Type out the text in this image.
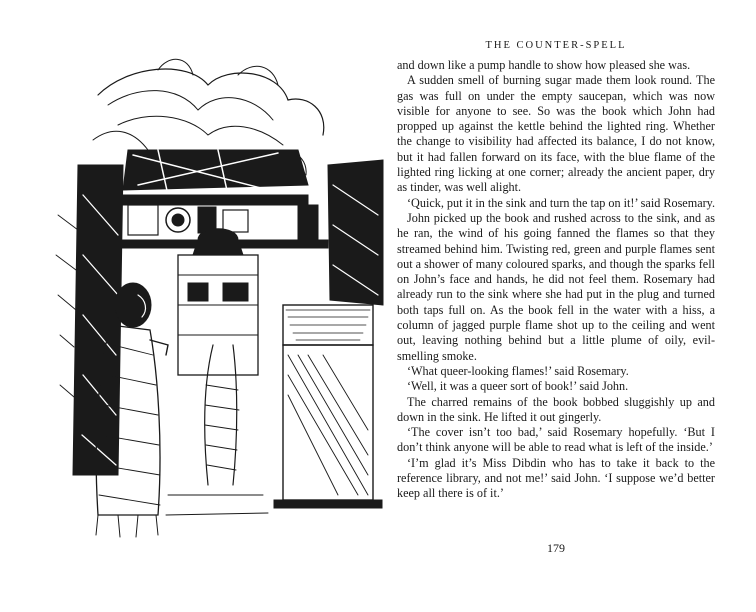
THE COUNTER-SPELL

and down like a pump handle to show how pleased she was.

A sudden smell of burning sugar made them look round. The gas was full on under the empty saucepan, which was now visible for anyone to see. So was the book which John had propped up against the kettle behind the lighted ring. Whether the change to visibility had affected its balance, I do not know, but it had fallen forward on its face, with the blue flame of the lighted ring licking at one corner; already the ancient paper, dry as tinder, was well alight.

‘Quick, put it in the sink and turn the tap on it!’ said Rosemary.

John picked up the book and rushed across to the sink, and as he ran, the wind of his going fanned the flames so that they streamed behind him. Twisting red, green and purple flames sent out a shower of many coloured sparks, and though the sparks fell on John’s face and hands, he did not feel them. Rosemary had already run to the sink where she had put in the plug and turned both taps full on. As the book fell in the water with a hiss, a column of jagged purple flame shot up to the ceiling and went out, leaving nothing behind but a little plume of oily, evil-smelling smoke.

‘What queer-looking flames!’ said Rosemary.

‘Well, it was a queer sort of book!’ said John.

The charred remains of the book bobbed sluggishly up and down in the sink. He lifted it out gingerly.

‘The cover isn’t too bad,’ said Rosemary hopefully. ‘But I don’t think anyone will be able to read what is left of the inside.’

‘I’m glad it’s Miss Dibdin who has to take it back to the reference library, and not me!’ said John. ‘I suppose we’d better keep all there is of it.’

179
